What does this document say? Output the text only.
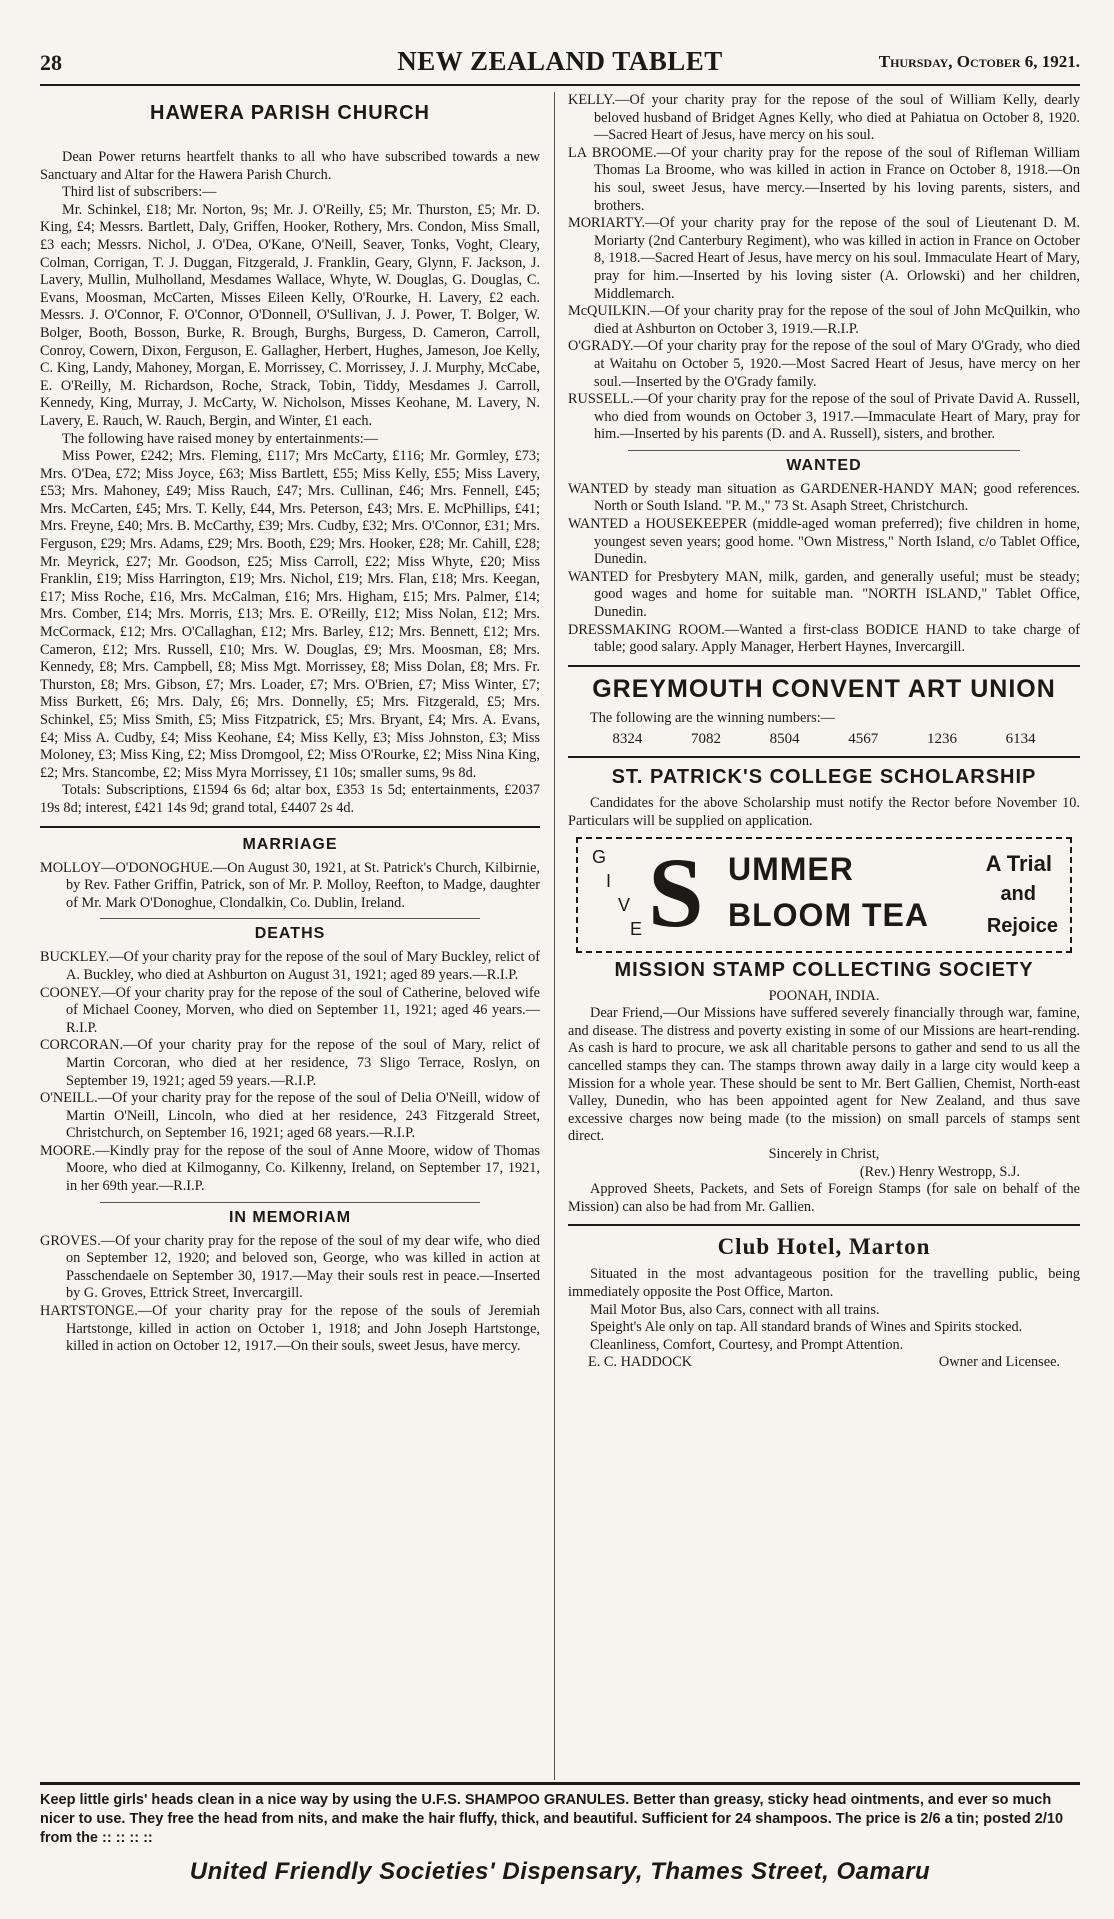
28	NEW ZEALAND TABLET	Thursday, October 6, 1921.
HAWERA PARISH CHURCH

Dean Power returns heartfelt thanks to all who have subscribed towards a new Sanctuary and Altar for the Hawera Parish Church.

Third list of subscribers:—

Mr. Schinkel, £18; Mr. Norton, 9s; Mr. J. O'Reilly, £5; Mr. Thurston, £5; Mr. D. King, £4; Messrs. Bartlett, Daly, Griffen, Hooker, Rothery, Mrs. Condon, Miss Small, £3 each; Messrs. Nichol, J. O'Dea, O'Kane, O'Neill, Seaver, Tonks, Voght, Cleary, Colman, Corrigan, T. J. Duggan, Fitzgerald, J. Franklin, Geary, Glynn, F. Jackson, J. Lavery, Mullin, Mulholland, Mesdames Wallace, Whyte, W. Douglas, G. Douglas, C. Evans, Moosman, McCarten, Misses Eileen Kelly, O'Rourke, H. Lavery, £2 each. Messrs. J. O'Connor, F. O'Connor, O'Donnell, O'Sullivan, J. J. Power, T. Bolger, W. Bolger, Booth, Bosson, Burke, R. Brough, Burghs, Burgess, D. Cameron, Carroll, Conroy, Cowern, Dixon, Ferguson, E. Gallagher, Herbert, Hughes, Jameson, Joe Kelly, C. King, Landy, Mahoney, Morgan, E. Morrissey, C. Morrissey, J. J. Murphy, McCabe, E. O'Reilly, M. Richardson, Roche, Strack, Tobin, Tiddy, Mesdames J. Carroll, Kennedy, King, Murray, J. McCarty, W. Nicholson, Misses Keohane, M. Lavery, N. Lavery, E. Rauch, W. Rauch, Bergin, and Winter, £1 each.

The following have raised money by entertainments:—

Miss Power, £242; Mrs. Fleming, £117; Mrs McCarty, £116; Mr. Gormley, £73; Mrs. O'Dea, £72; Miss Joyce, £63; Miss Bartlett, £55; Miss Kelly, £55; Miss Lavery, £53; Mrs. Mahoney, £49; Miss Rauch, £47; Mrs. Cullinan, £46; Mrs. Fennell, £45; Mrs. McCarten, £45; Mrs. T. Kelly, £44, Mrs. Peterson, £43; Mrs. E. McPhillips, £41; Mrs. Freyne, £40; Mrs. B. McCarthy, £39; Mrs. Cudby, £32; Mrs. O'Connor, £31; Mrs. Ferguson, £29; Mrs. Adams, £29; Mrs. Booth, £29; Mrs. Hooker, £28; Mr. Cahill, £28; Mr. Meyrick, £27; Mr. Goodson, £25; Miss Carroll, £22; Miss Whyte, £20; Miss Franklin, £19; Miss Harrington, £19; Mrs. Nichol, £19; Mrs. Flan, £18; Mrs. Keegan, £17; Miss Roche, £16, Mrs. McCalman, £16; Mrs. Higham, £15; Mrs. Palmer, £14; Mrs. Comber, £14; Mrs. Morris, £13; Mrs. E. O'Reilly, £12; Miss Nolan, £12; Mrs. McCormack, £12; Mrs. O'Callaghan, £12; Mrs. Barley, £12; Mrs. Bennett, £12; Mrs. Cameron, £12; Mrs. Russell, £10; Mrs. W. Douglas, £9; Mrs. Moosman, £8; Mrs. Kennedy, £8; Mrs. Campbell, £8; Miss Mgt. Morrissey, £8; Miss Dolan, £8; Mrs. Fr. Thurston, £8; Mrs. Gibson, £7; Mrs. Loader, £7; Mrs. O'Brien, £7; Miss Winter, £7; Miss Burkett, £6; Mrs. Daly, £6; Mrs. Donnelly, £5; Mrs. Fitzgerald, £5; Mrs. Schinkel, £5; Miss Smith, £5; Miss Fitzpatrick, £5; Mrs. Bryant, £4; Mrs. A. Evans, £4; Miss A. Cudby, £4; Miss Keohane, £4; Miss Kelly, £3; Miss Johnston, £3; Miss Moloney, £3; Miss King, £2; Miss Dromgool, £2; Miss O'Rourke, £2; Miss Nina King, £2; Mrs. Stancombe, £2; Miss Myra Morrissey, £1 10s; smaller sums, 9s 8d.

Totals: Subscriptions, £1594 6s 6d; altar box, £353 1s 5d; entertainments, £2037 19s 8d; interest, £421 14s 9d; grand total, £4407 2s 4d.

MARRIAGE

MOLLOY—O'DONOGHUE.—On August 30, 1921, at St. Patrick's Church, Kilbirnie, by Rev. Father Griffin, Patrick, son of Mr. P. Molloy, Reefton, to Madge, daughter of Mr. Mark O'Donoghue, Clondalkin, Co. Dublin, Ireland.

DEATHS

BUCKLEY.—Of your charity pray for the repose of the soul of Mary Buckley, relict of A. Buckley, who died at Ashburton on August 31, 1921; aged 89 years.—R.I.P.

COONEY.—Of your charity pray for the repose of the soul of Catherine, beloved wife of Michael Cooney, Morven, who died on September 11, 1921; aged 46 years.—R.I.P.

CORCORAN.—Of your charity pray for the repose of the soul of Mary, relict of Martin Corcoran, who died at her residence, 73 Sligo Terrace, Roslyn, on September 19, 1921; aged 59 years.—R.I.P.

O'NEILL.—Of your charity pray for the repose of the soul of Delia O'Neill, widow of Martin O'Neill, Lincoln, who died at her residence, 243 Fitzgerald Street, Christchurch, on September 16, 1921; aged 68 years.—R.I.P.

MOORE.—Kindly pray for the repose of the soul of Anne Moore, widow of Thomas Moore, who died at Kilmoganny, Co. Kilkenny, Ireland, on September 17, 1921, in her 69th year.—R.I.P.

IN MEMORIAM

GROVES.—Of your charity pray for the repose of the soul of my dear wife, who died on September 12, 1920; and beloved son, George, who was killed in action at Passchendaele on September 30, 1917.—May their souls rest in peace.—Inserted by G. Groves, Ettrick Street, Invercargill.

HARTSTONGE.—Of your charity pray for the repose of the souls of Jeremiah Hartstonge, killed in action on October 1, 1918; and John Joseph Hartstonge, killed in action on October 12, 1917.—On their souls, sweet Jesus, have mercy.

KELLY.—Of your charity pray for the repose of the soul of William Kelly, dearly beloved husband of Bridget Agnes Kelly, who died at Pahiatua on October 8, 1920.—Sacred Heart of Jesus, have mercy on his soul.

LA BROOME.—Of your charity pray for the repose of the soul of Rifleman William Thomas La Broome, who was killed in action in France on October 8, 1918.—On his soul, sweet Jesus, have mercy.—Inserted by his loving parents, sisters, and brothers.

MORIARTY.—Of your charity pray for the repose of the soul of Lieutenant D. M. Moriarty (2nd Canterbury Regiment), who was killed in action in France on October 8, 1918.—Sacred Heart of Jesus, have mercy on his soul. Immaculate Heart of Mary, pray for him.—Inserted by his loving sister (A. Orlowski) and her children, Middlemarch.

McQUILKIN.—Of your charity pray for the repose of the soul of John McQuilkin, who died at Ashburton on October 3, 1919.—R.I.P.

O'GRADY.—Of your charity pray for the repose of the soul of Mary O'Grady, who died at Waitahu on October 5, 1920.—Most Sacred Heart of Jesus, have mercy on her soul.—Inserted by the O'Grady family.

RUSSELL.—Of your charity pray for the repose of the soul of Private David A. Russell, who died from wounds on October 3, 1917.—Immaculate Heart of Mary, pray for him.—Inserted by his parents (D. and A. Russell), sisters, and brother.

WANTED

WANTED by steady man situation as GARDENER-HANDY MAN; good references. North or South Island. "P. M.," 73 St. Asaph Street, Christchurch.

WANTED a HOUSEKEEPER (middle-aged woman preferred); five children in home, youngest seven years; good home. "Own Mistress," North Island, c/o Tablet Office, Dunedin.

WANTED for Presbytery MAN, milk, garden, and generally useful; must be steady; good wages and home for suitable man. "NORTH ISLAND," Tablet Office, Dunedin.

DRESSMAKING ROOM.—Wanted a first-class BODICE HAND to take charge of table; good salary. Apply Manager, Herbert Haynes, Invercargill.

GREYMOUTH CONVENT ART UNION

The following are the winning numbers:—

8324	7082	8504	4567	1236	6134
ST. PATRICK'S COLLEGE SCHOLARSHIP

Candidates for the above Scholarship must notify the Rector before November 10. Particulars will be supplied on application.

G
I
V
E S UMMER
BLOOM TEA
A Trial
and
Rejoice
MISSION STAMP COLLECTING SOCIETY
POONAH, INDIA.

Dear Friend,—Our Missions have suffered severely financially through war, famine, and disease. The distress and poverty existing in some of our Missions are heart-rending. As cash is hard to procure, we ask all charitable persons to gather and send to us all the cancelled stamps they can. The stamps thrown away daily in a large city would keep a Mission for a whole year. These should be sent to Mr. Bert Gallien, Chemist, North-east Valley, Dunedin, who has been appointed agent for New Zealand, and thus save excessive charges now being made (to the mission) on small parcels of stamps sent direct.

Sincerely in Christ,
(Rev.) Henry Westropp, S.J.

Approved Sheets, Packets, and Sets of Foreign Stamps (for sale on behalf of the Mission) can also be had from Mr. Gallien.

Club Hotel, Marton

Situated in the most advantageous position for the travelling public, being immediately opposite the Post Office, Marton.

Mail Motor Bus, also Cars, connect with all trains.

Speight's Ale only on tap. All standard brands of Wines and Spirits stocked.

Cleanliness, Comfort, Courtesy, and Prompt Attention.

E. C. HADDOCK	Owner and Licensee.
Keep little girls' heads clean in a nice way by using the U.F.S. SHAMPOO GRANULES. Better than greasy, sticky head ointments, and ever so much nicer to use. They free the head from nits, and make the hair fluffy, thick, and beautiful. Sufficient for 24 shampoos. The price is 2/6 a tin; posted 2/10 from the :: :: :: ::
United Friendly Societies' Dispensary, Thames Street, Oamaru
